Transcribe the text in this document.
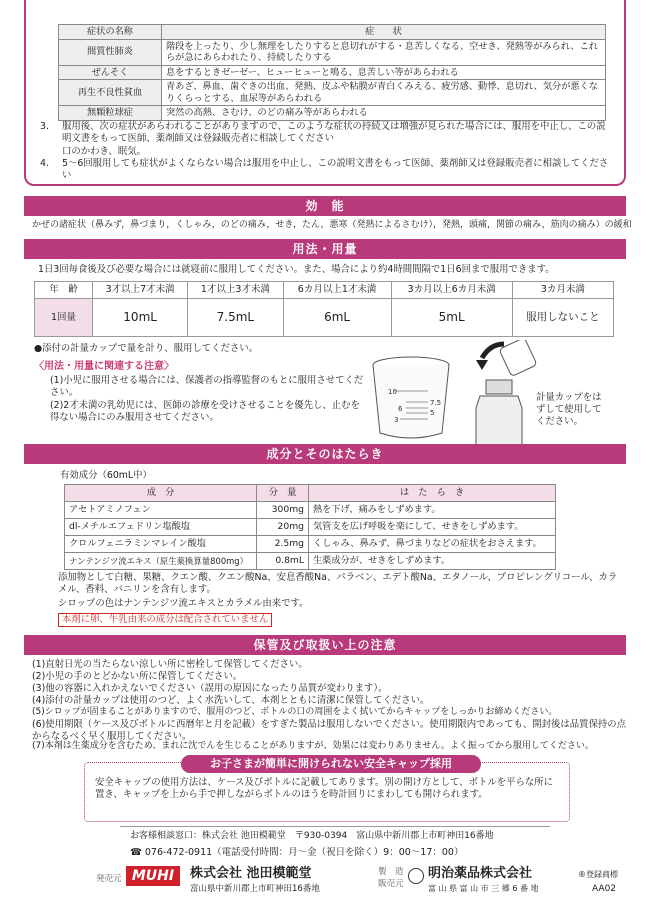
症状の名称	症　　状
間質性肺炎	階段を上ったり、少し無理をしたりすると息切れがする・息苦しくなる、空せき、発熱等がみられ、これらが急にあらわれたり、持続したりする
ぜんそく	息をするときゼーゼー、ヒューヒューと鳴る、息苦しい等があらわれる
再生不良性貧血	青あざ、鼻血、歯ぐきの出血、発熱、皮ふや粘膜が青白くみえる、疲労感、動悸、息切れ、気分が悪くなりくらっとする、血尿等があらわれる
無顆粒球症	突然の高熱、さむけ、のどの痛み等があらわれる
3.	服用後、次の症状があらわれることがありますので、このような症状の持続又は増強が見られた場合には、服用を中止し、この説明文書をもって医師、薬剤師又は登録販売者に相談してください
口のかわき、眠気。
4.	5～6回服用しても症状がよくならない場合は服用を中止し、この説明文書をもって医師、薬剤師又は登録販売者に相談してください
効　能
かぜの諸症状（鼻みず，鼻づまり，くしゃみ，のどの痛み，せき，たん，悪寒（発熱によるさむけ），発熱，頭痛，関節の痛み，筋肉の痛み）の緩和
用法・用量
1日3回毎食後及び必要な場合には就寝前に服用してください。また、場合により約4時間間隔で1日6回まで服用できます。
年　齢	3才以上7才未満	1才以上3才未満	6カ月以上1才未満	3カ月以上6カ月未満	3カ月未満
1回量	10mL	7.5mL	6mL	5mL	服用しないこと
●添付の計量カップで量を計り、服用してください。
〈用法・用量に関連する注意〉
(1)小児に服用させる場合には、保護者の指導監督のもとに服用させてください。
(2)2才未満の乳幼児には、医師の診療を受けさせることを優先し、止むを得ない場合にのみ服用させてください。
10
7.5
6	5
3
計量カップをはずして使用してください。
成分とそのはたらき
有効成分（60mL中）
成　分	分　量	は　た　ら　き
アセトアミノフェン	300mg	熱を下げ、痛みをしずめます。
dl-メチルエフェドリン塩酸塩	20mg	気管支を広げ呼吸を楽にして、せきをしずめます。
クロルフェニラミンマレイン酸塩	2.5mg	くしゃみ、鼻みず、鼻づまりなどの症状をおさえます。
ナンテンジツ流エキス（原生薬換算量800mg）	0.8mL	生薬成分が、せきをしずめます。
添加物として白糖、果糖、クエン酸、クエン酸Na、安息香酸Na、パラベン、エデト酸Na、エタノール、プロピレングリコール、カラメル、香料、バニリンを含有します。
シロップの色はナンテンジツ流エキスとカラメル由来です。
本剤に卵、牛乳由来の成分は配合されていません
保管及び取扱い上の注意
(1)直射日光の当たらない涼しい所に密栓して保管してください。
(2)小児の手のとどかない所に保管してください。
(3)他の容器に入れかえないでください（誤用の原因になったり品質が変わります）。
(4)添付の計量カップは使用のつど、よく水洗いして、本剤とともに清潔に保管してください。
(5)シロップが固まることがありますので、服用のつど、ボトルの口の周囲をよく拭いてからキャップをしっかりお締めください。
(6)使用期限（ケース及びボトルに西暦年と月を記載）をすぎた製品は服用しないでください。使用期限内であっても、開封後は品質保持の点からなるべく早く服用してください。
(7)本剤は生薬成分を含むため、まれに沈でんを生じることがありますが、効果には変わりありません。よく振ってから服用してください。
お子さまが簡単に開けられない安全キャップ採用
安全キャップの使用方法は、ケース及びボトルに記載してあります。別の開け方として、ボトルを平らな所に置き、キャップを上から手で押しながらボトルのほうを時計回りにまわしても開けられます。
お客様相談窓口：株式会社 池田模範堂　〒930-0394　富山県中新川郡上市町神田16番地
☎ 076-472-0911（電話受付時間：月～金（祝日を除く）9：00～17：00）
発売元 MUHI	株式会社 池田模範堂
富山県中新川郡上市町神田16番地
製　造
販売元
明治薬品株式会社
富 山 県 富 山 市 三 郷 6 番 地
®登録商標
AA02
